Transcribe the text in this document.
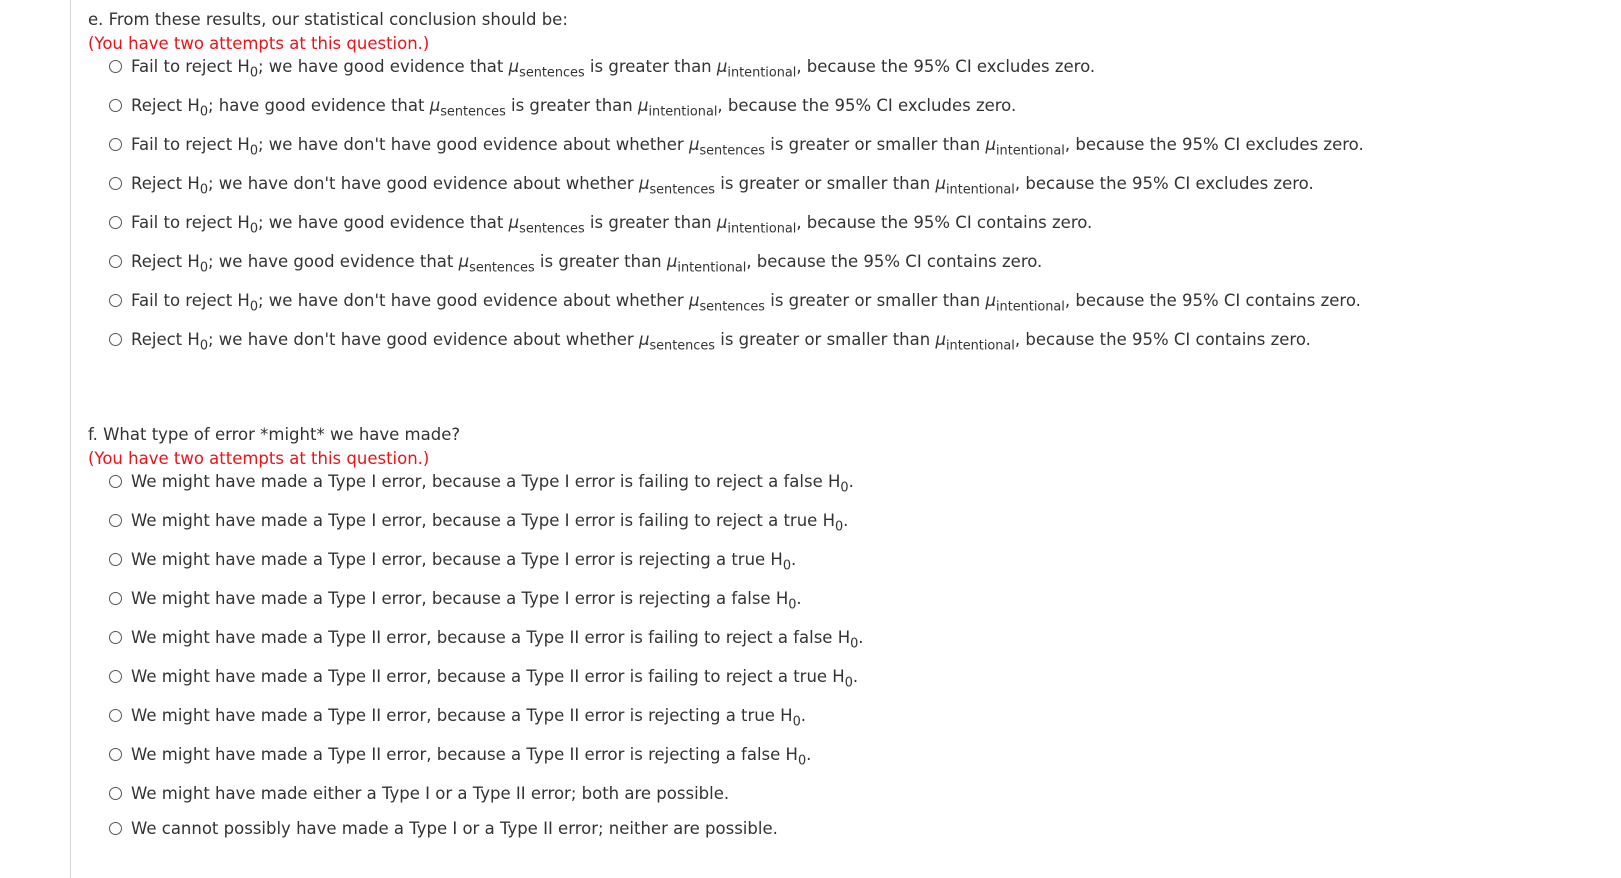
e. From these results, our statistical conclusion should be:
(You have two attempts at this question.)
Fail to reject $H_0$; we have good evidence that $\mu_{sentences}$ is greater than $\mu_{intentional}$, because the 95% CI excludes zero.
Reject $H_0$; have good evidence that $\mu_{sentences}$ is greater than $\mu_{intentional}$, because the 95% CI excludes zero.
Fail to reject $H_0$; we have don't have good evidence about whether $\mu_{sentences}$ is greater or smaller than $\mu_{intentional}$, because the 95% CI excludes zero.
Reject $H_0$; we have don't have good evidence about whether $\mu_{sentences}$ is greater or smaller than $\mu_{intentional}$, because the 95% CI excludes zero.
Fail to reject $H_0$; we have good evidence that $\mu_{sentences}$ is greater than $\mu_{intentional}$, because the 95% CI contains zero.
Reject $H_0$; we have good evidence that $\mu_{sentences}$ is greater than $\mu_{intentional}$, because the 95% CI contains zero.
Fail to reject $H_0$; we have don't have good evidence about whether $\mu_{sentences}$ is greater or smaller than $\mu_{intentional}$, because the 95% CI contains zero.
Reject $H_0$; we have don't have good evidence about whether $\mu_{sentences}$ is greater or smaller than $\mu_{intentional}$, because the 95% CI contains zero.
f. What type of error *might* we have made?
(You have two attempts at this question.)
We might have made a Type I error, because a Type I error is failing to reject a false $H_0$.
We might have made a Type I error, because a Type I error is failing to reject a true $H_0$.
We might have made a Type I error, because a Type I error is rejecting a true $H_0$.
We might have made a Type I error, because a Type I error is rejecting a false $H_0$.
We might have made a Type II error, because a Type II error is failing to reject a false $H_0$.
We might have made a Type II error, because a Type II error is failing to reject a true $H_0$.
We might have made a Type II error, because a Type II error is rejecting a true $H_0$.
We might have made a Type II error, because a Type II error is rejecting a false $H_0$.
We might have made either a Type I or a Type II error; both are possible.
We cannot possibly have made a Type I or a Type II error; neither are possible.
